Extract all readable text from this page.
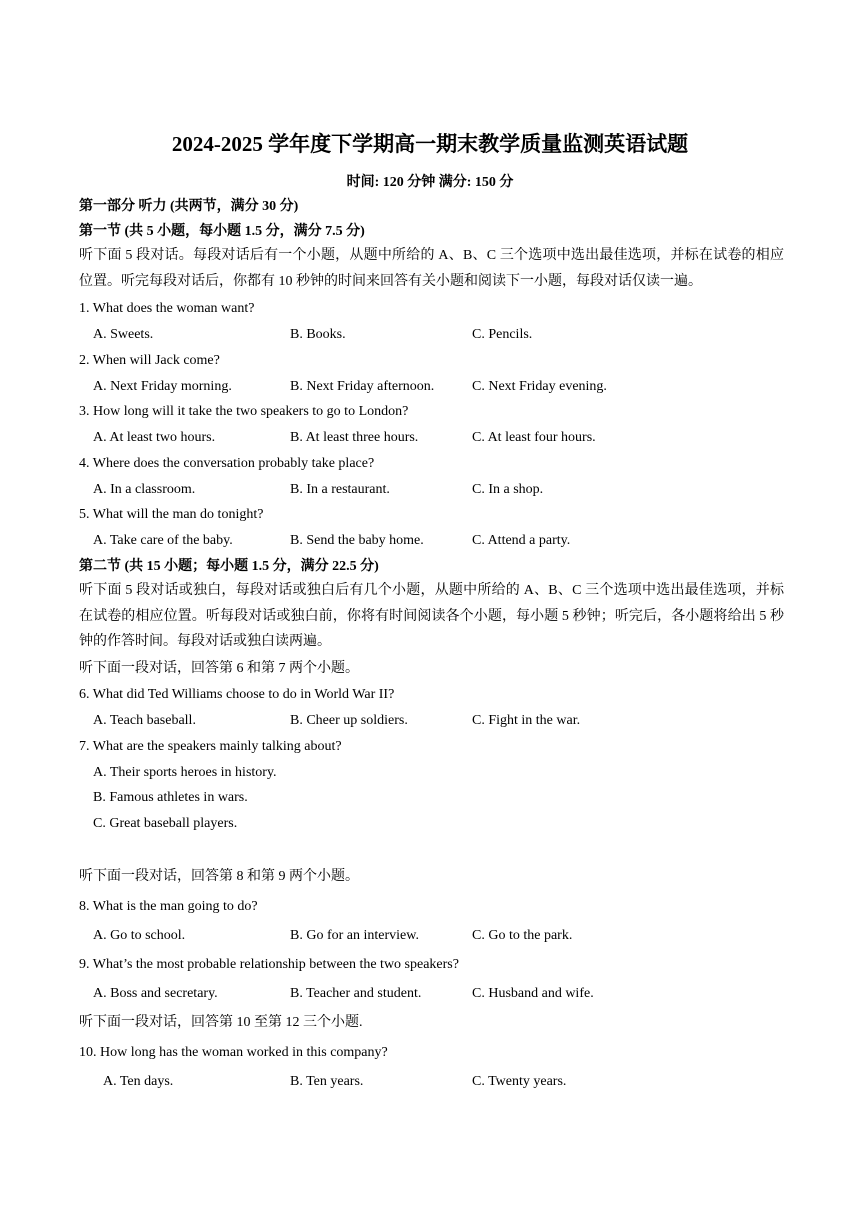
2024-2025 学年度下学期高一期末教学质量监测英语试题
时间: 120 分钟 满分: 150 分
第一部分 听力 (共两节，满分 30 分)
第一节 (共 5 小题，每小题 1.5 分，满分 7.5 分)
听下面 5 段对话。每段对话后有一个小题，从题中所给的 A、B、C 三个选项中选出最佳选项，并标在试卷的相应位置。听完每段对话后，你都有 10 秒钟的时间来回答有关小题和阅读下一小题，每段对话仅读一遍。
1. What does the woman want?
A. Sweets.	B. Books.	C. Pencils.
2. When will Jack come?
A. Next Friday morning.	B. Next Friday afternoon.	C. Next Friday evening.
3. How long will it take the two speakers to go to London?
A. At least two hours.	B. At least three hours.	C. At least four hours.
4. Where does the conversation probably take place?
A. In a classroom.	B. In a restaurant.	C. In a shop.
5. What will the man do tonight?
A. Take care of the baby.	B. Send the baby home.	C. Attend a party.
第二节 (共 15 小题；每小题 1.5 分，满分 22.5 分)
听下面 5 段对话或独白，每段对话或独白后有几个小题，从题中所给的 A、B、C 三个选项中选出最佳选项，并标在试卷的相应位置。听每段对话或独白前，你将有时间阅读各个小题，每小题 5 秒钟；听完后，各小题将给出 5 秒钟的作答时间。每段对话或独白读两遍。
听下面一段对话，回答第 6 和第 7 两个小题。
6. What did Ted Williams choose to do in World War II?
A. Teach baseball.	B. Cheer up soldiers.	C. Fight in the war.
7. What are the speakers mainly talking about?
A. Their sports heroes in history.
B. Famous athletes in wars.
C. Great baseball players.
听下面一段对话，回答第 8 和第 9 两个小题。
8. What is the man going to do?
A. Go to school.	B. Go for an interview.	C. Go to the park.
9. What’s the most probable relationship between the two speakers?
A. Boss and secretary.	B. Teacher and student.	C. Husband and wife.
听下面一段对话，回答第 10 至第 12 三个小题.
10. How long has the woman worked in this company?
A. Ten days.	B. Ten years.	C. Twenty years.
